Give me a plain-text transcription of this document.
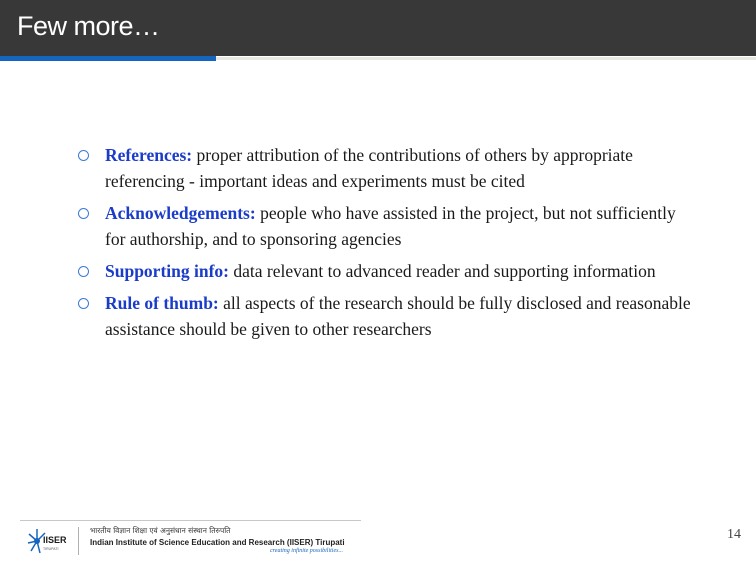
Few more…
References: proper attribution of the contributions of others by appropriate referencing - important ideas and experiments must be cited
Acknowledgements: people who have assisted in the project, but not sufficiently for authorship, and to sponsoring agencies
Supporting info: data relevant to advanced reader and supporting information
Rule of thumb: all aspects of the research should be fully disclosed and reasonable assistance should be given to other researchers
IISER
TIRUPATI
भारतीय विज्ञान शिक्षा एवं अनुसंधान संस्थान तिरुपति
Indian Institute of Science Education and Research (IISER) Tirupati
creating infinite possibilities...
14
